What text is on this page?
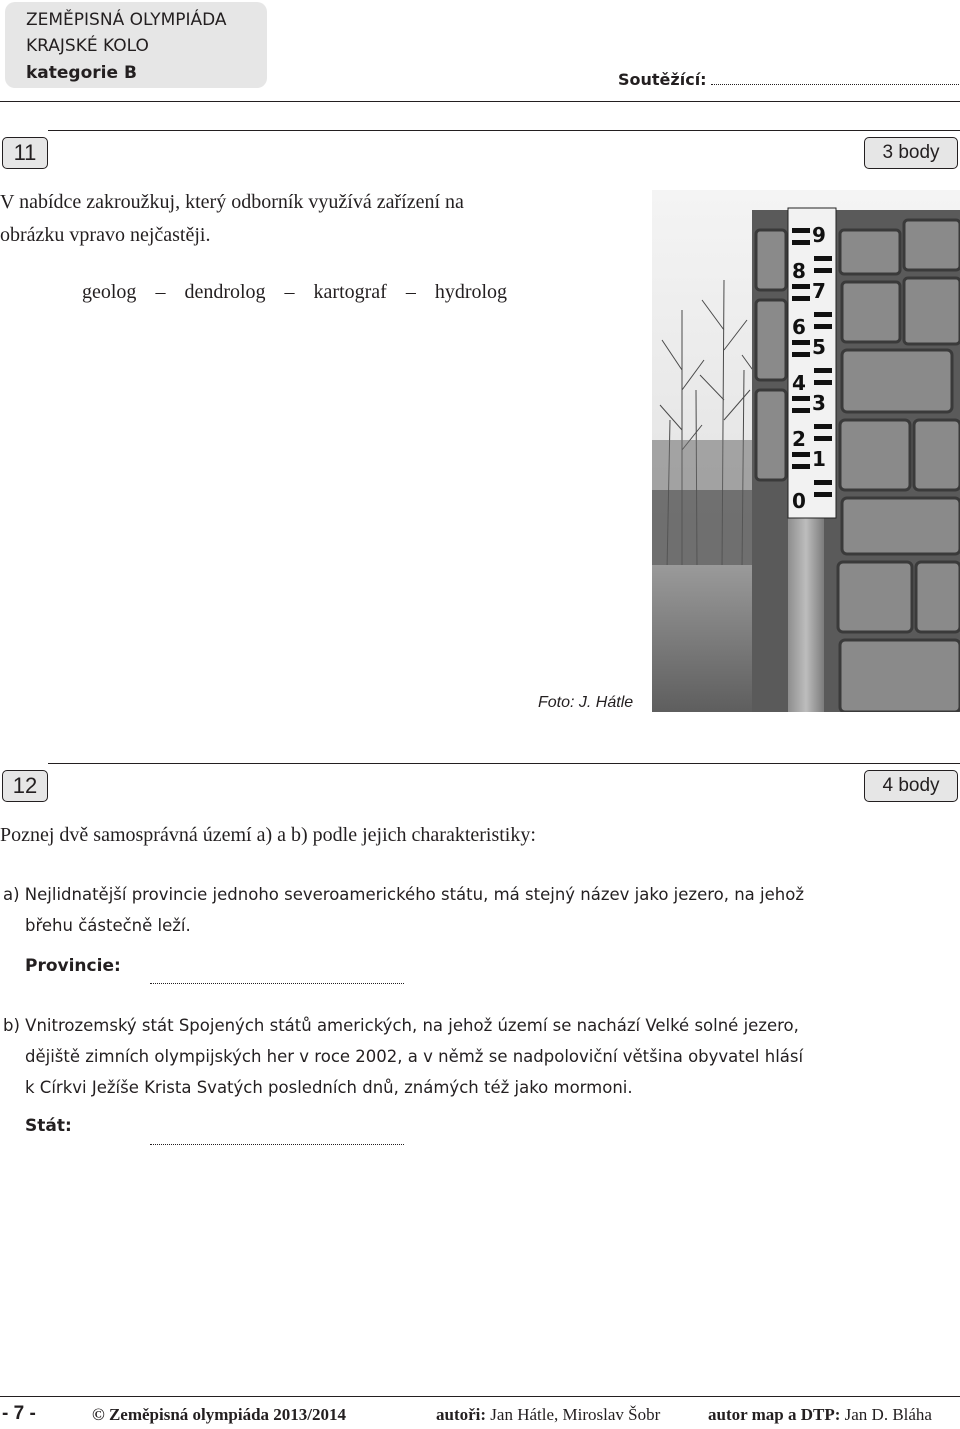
ZEMĚPISNÁ OLYMPIÁDA
KRAJSKÉ KOLO
kategorie B	Soutěžící:
11	3 body
V nabídce zakroužkuj, který odborník využívá zařízení na
obrázku vpravo nejčastěji.
geolog – dendrolog – kartograf – hydrolog
9
8
7
6
5
4
3
2
1
0
Foto: J. Hátle
12	4 body
Poznej dvě samosprávná území a) a b) podle jejich charakteristiky:
a) Nejlidnatější provincie jednoho severoamerického státu, má stejný název jako jezero, na jehož
břehu částečně leží.
Provincie:
b) Vnitrozemský stát Spojených států amerických, na jehož území se nachází Velké solné jezero,
dějiště zimních olympijských her v roce 2002, a v němž se nadpoloviční většina obyvatel hlásí
k Církvi Ježíše Krista Svatých posledních dnů, známých též jako mormoni.
Stát:
- 7 -	© Zeměpisná olympiáda 2013/2014	autoři: Jan Hátle, Miroslav Šobr	autor map a DTP: Jan D. Bláha
